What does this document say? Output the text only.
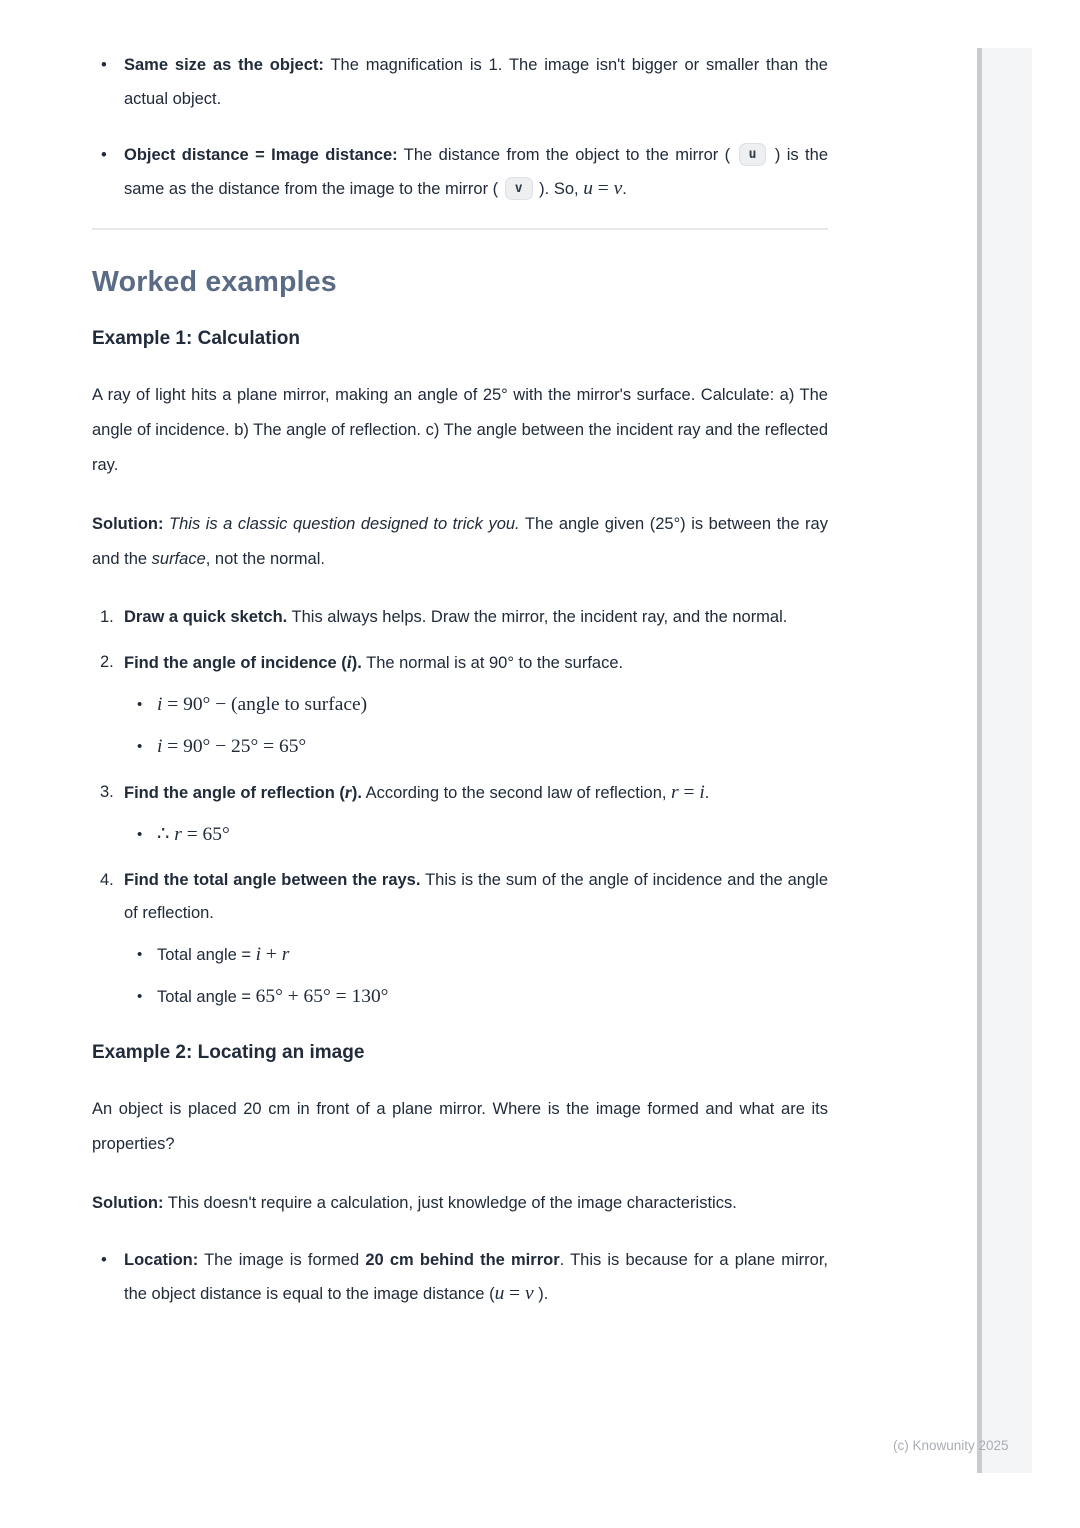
• Same size as the object: The magnification is 1. The image isn't bigger or smaller than the actual object.
• Object distance = Image distance: The distance from the object to the mirror ( u ) is the same as the distance from the image to the mirror ( v ). So, u = v.
Worked examples
Example 1: Calculation

A ray of light hits a plane mirror, making an angle of 25° with the mirror's surface. Calculate: a) The angle of incidence. b) The angle of reflection. c) The angle between the incident ray and the reflected ray.

Solution: This is a classic question designed to trick you. The angle given (25°) is between the ray and the surface, not the normal.

1. Draw a quick sketch. This always helps. Draw the mirror, the incident ray, and the normal.
2. Find the angle of incidence (i). The normal is at 90° to the surface.
• i = 90° − (angle to surface)
• i = 90° − 25° = 65°
3. Find the angle of reflection (r). According to the second law of reflection, r = i.
• ∴ r = 65°
4. Find the total angle between the rays. This is the sum of the angle of incidence and the angle of reflection.
• Total angle = i + r
• Total angle = 65° + 65° = 130°
Example 2: Locating an image

An object is placed 20 cm in front of a plane mirror. Where is the image formed and what are its properties?

Solution: This doesn't require a calculation, just knowledge of the image characteristics.

• Location: The image is formed 20 cm behind the mirror. This is because for a plane mirror, the object distance is equal to the image distance (u = v ).
(c) Knowunity 2025
